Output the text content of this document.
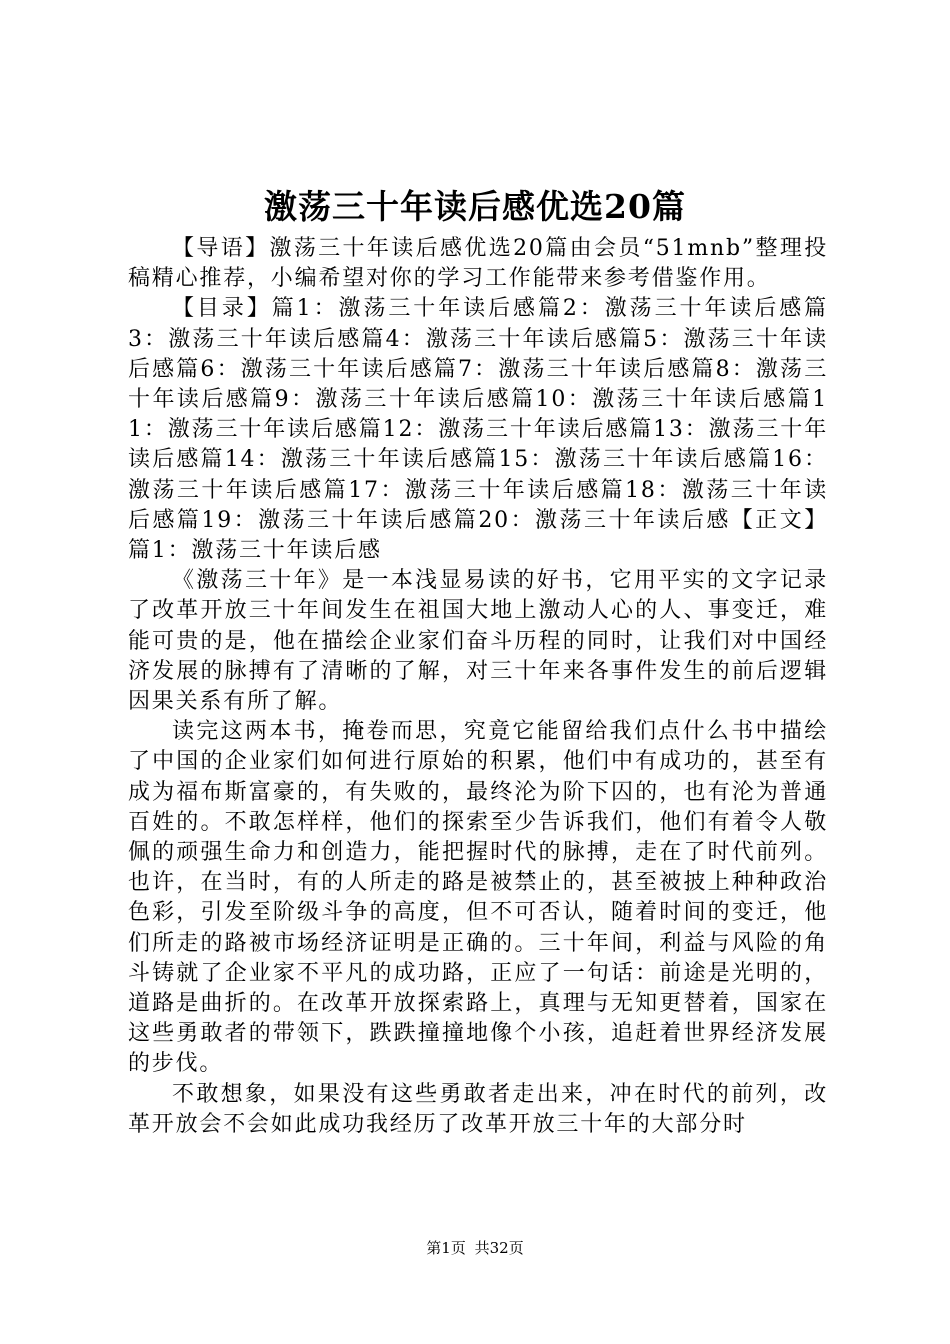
激荡三十年读后感优选20篇

【导语】激荡三十年读后感优选20篇由会员“51mnb”整理投稿精心推荐，小编希望对你的学习工作能带来参考借鉴作用。

【目录】篇1：激荡三十年读后感篇2：激荡三十年读后感篇3：激荡三十年读后感篇4：激荡三十年读后感篇5：激荡三十年读后感篇6：激荡三十年读后感篇7：激荡三十年读后感篇8：激荡三十年读后感篇9：激荡三十年读后感篇10：激荡三十年读后感篇11：激荡三十年读后感篇12：激荡三十年读后感篇13：激荡三十年读后感篇14：激荡三十年读后感篇15：激荡三十年读后感篇16：激荡三十年读后感篇17：激荡三十年读后感篇18：激荡三十年读后感篇19：激荡三十年读后感篇20：激荡三十年读后感【正文】篇1：激荡三十年读后感

《激荡三十年》是一本浅显易读的好书，它用平实的文字记录了改革开放三十年间发生在祖国大地上激动人心的人、事变迁，难能可贵的是，他在描绘企业家们奋斗历程的同时，让我们对中国经济发展的脉搏有了清晰的了解，对三十年来各事件发生的前后逻辑因果关系有所了解。

读完这两本书，掩卷而思，究竟它能留给我们点什么书中描绘了中国的企业家们如何进行原始的积累，他们中有成功的，甚至有成为福布斯富豪的，有失败的，最终沦为阶下囚的，也有沦为普通百姓的。不敢怎样样，他们的探索至少告诉我们，他们有着令人敬佩的顽强生命力和创造力，能把握时代的脉搏，走在了时代前列。也许，在当时，有的人所走的路是被禁止的，甚至被披上种种政治色彩，引发至阶级斗争的高度，但不可否认，随着时间的变迁，他们所走的路被市场经济证明是正确的。三十年间，利益与风险的角斗铸就了企业家不平凡的成功路，正应了一句话：前途是光明的，道路是曲折的。在改革开放探索路上，真理与无知更替着，国家在这些勇敢者的带领下，跌跌撞撞地像个小孩，追赶着世界经济发展的步伐。

不敢想象，如果没有这些勇敢者走出来，冲在时代的前列，改革开放会不会如此成功我经历了改革开放三十年的大部分时

第1页 共32页
